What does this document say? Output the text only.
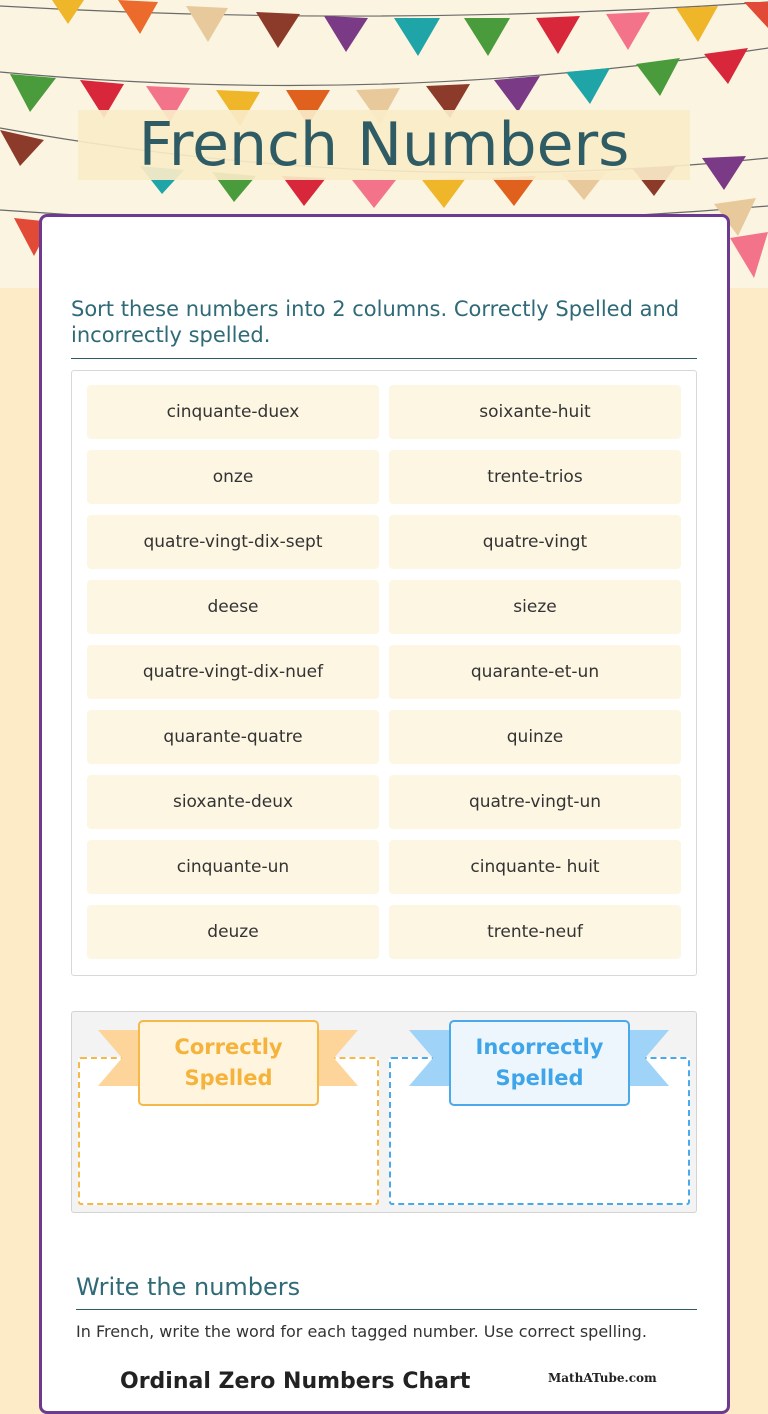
French Numbers
Sort these numbers into 2 columns. Correctly Spelled and incorrectly spelled.
cinquante-duex
onze
quatre-vingt-dix-sept
deese
quatre-vingt-dix-nuef
quarante-quatre
sioxante-deux
cinquante-un
deuze
soixante-huit
trente-trios
quatre-vingt
sieze
quarante-et-un
quinze
quatre-vingt-un
cinquante- huit
trente-neuf
Correctly
Spelled
Incorrectly
Spelled
Write the numbers
In French, write the word for each tagged number. Use correct spelling.
Ordinal Zero Numbers Chart	MathATube.com
